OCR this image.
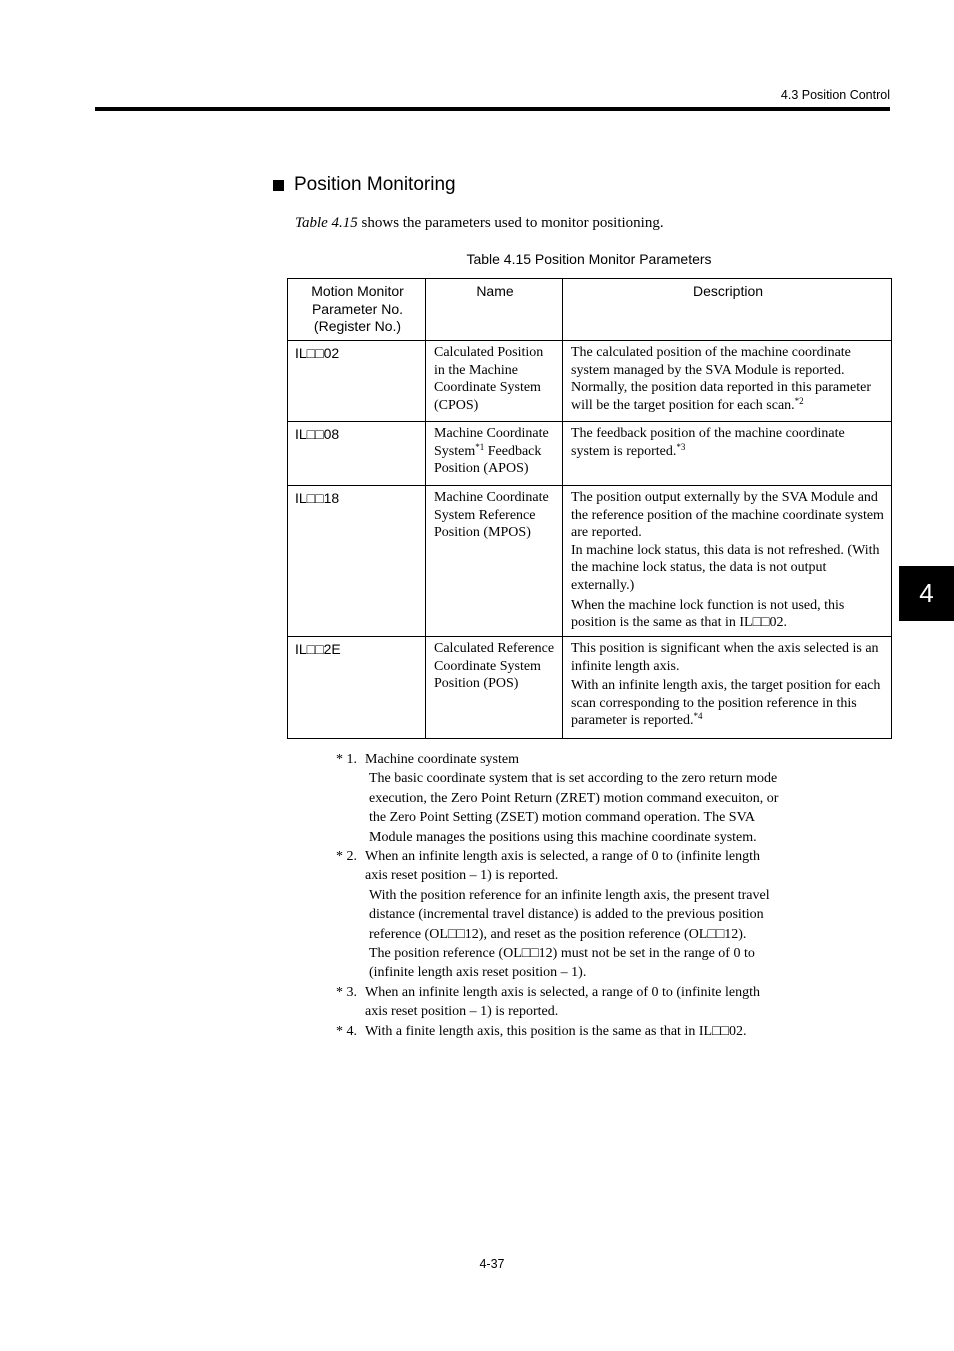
4.3 Position Control
4
Position Monitoring
Table 4.15 shows the parameters used to monitor positioning.
Table 4.15 Position Monitor Parameters
Motion Monitor Parameter No. (Register No.)	Name	Description
IL□□02	Calculated Position in the Machine Coordinate System (CPOS)	The calculated position of the machine coordinate system managed by the SVA Module is reported. Normally, the position data reported in this parameter will be the target position for each scan.$^{*2}$
IL□□08	Machine Coordinate System$^{*1}$ Feedback Position (APOS)	The feedback position of the machine coordinate system is reported.$^{*3}$
IL□□18	Machine Coordinate System Reference Position (MPOS)	The position output externally by the SVA Module and the reference position of the machine coordinate system are reported.
In machine lock status, this data is not refreshed. (With the machine lock status, the data is not output externally.)
When the machine lock function is not used, this position is the same as that in IL□□02.

IL□□2E	Calculated Reference Coordinate System Position (POS)	This position is significant when the axis selected is an infinite length axis.
With an infinite length axis, the target position for each scan corresponding to the position reference in this parameter is reported.$^{*4}$
* 1. Machine coordinate system
The basic coordinate system that is set according to the zero return mode execution, the Zero Point Return (ZRET) motion command execuiton, or the Zero Point Setting (ZSET) motion command operation. The SVA Module manages the positions using this machine coordinate system.
* 2. When an infinite length axis is selected, a range of 0 to (infinite length axis reset position – 1) is reported.
With the position reference for an infinite length axis, the present travel distance (incremental travel distance) is added to the previous position reference (OL□□12), and reset as the position reference (OL□□12).
The position reference (OL□□12) must not be set in the range of 0 to (infinite length axis reset position – 1).
* 3. When an infinite length axis is selected, a range of 0 to (infinite length axis reset position – 1) is reported.
* 4. With a finite length axis, this position is the same as that in IL□□02.
4-37
